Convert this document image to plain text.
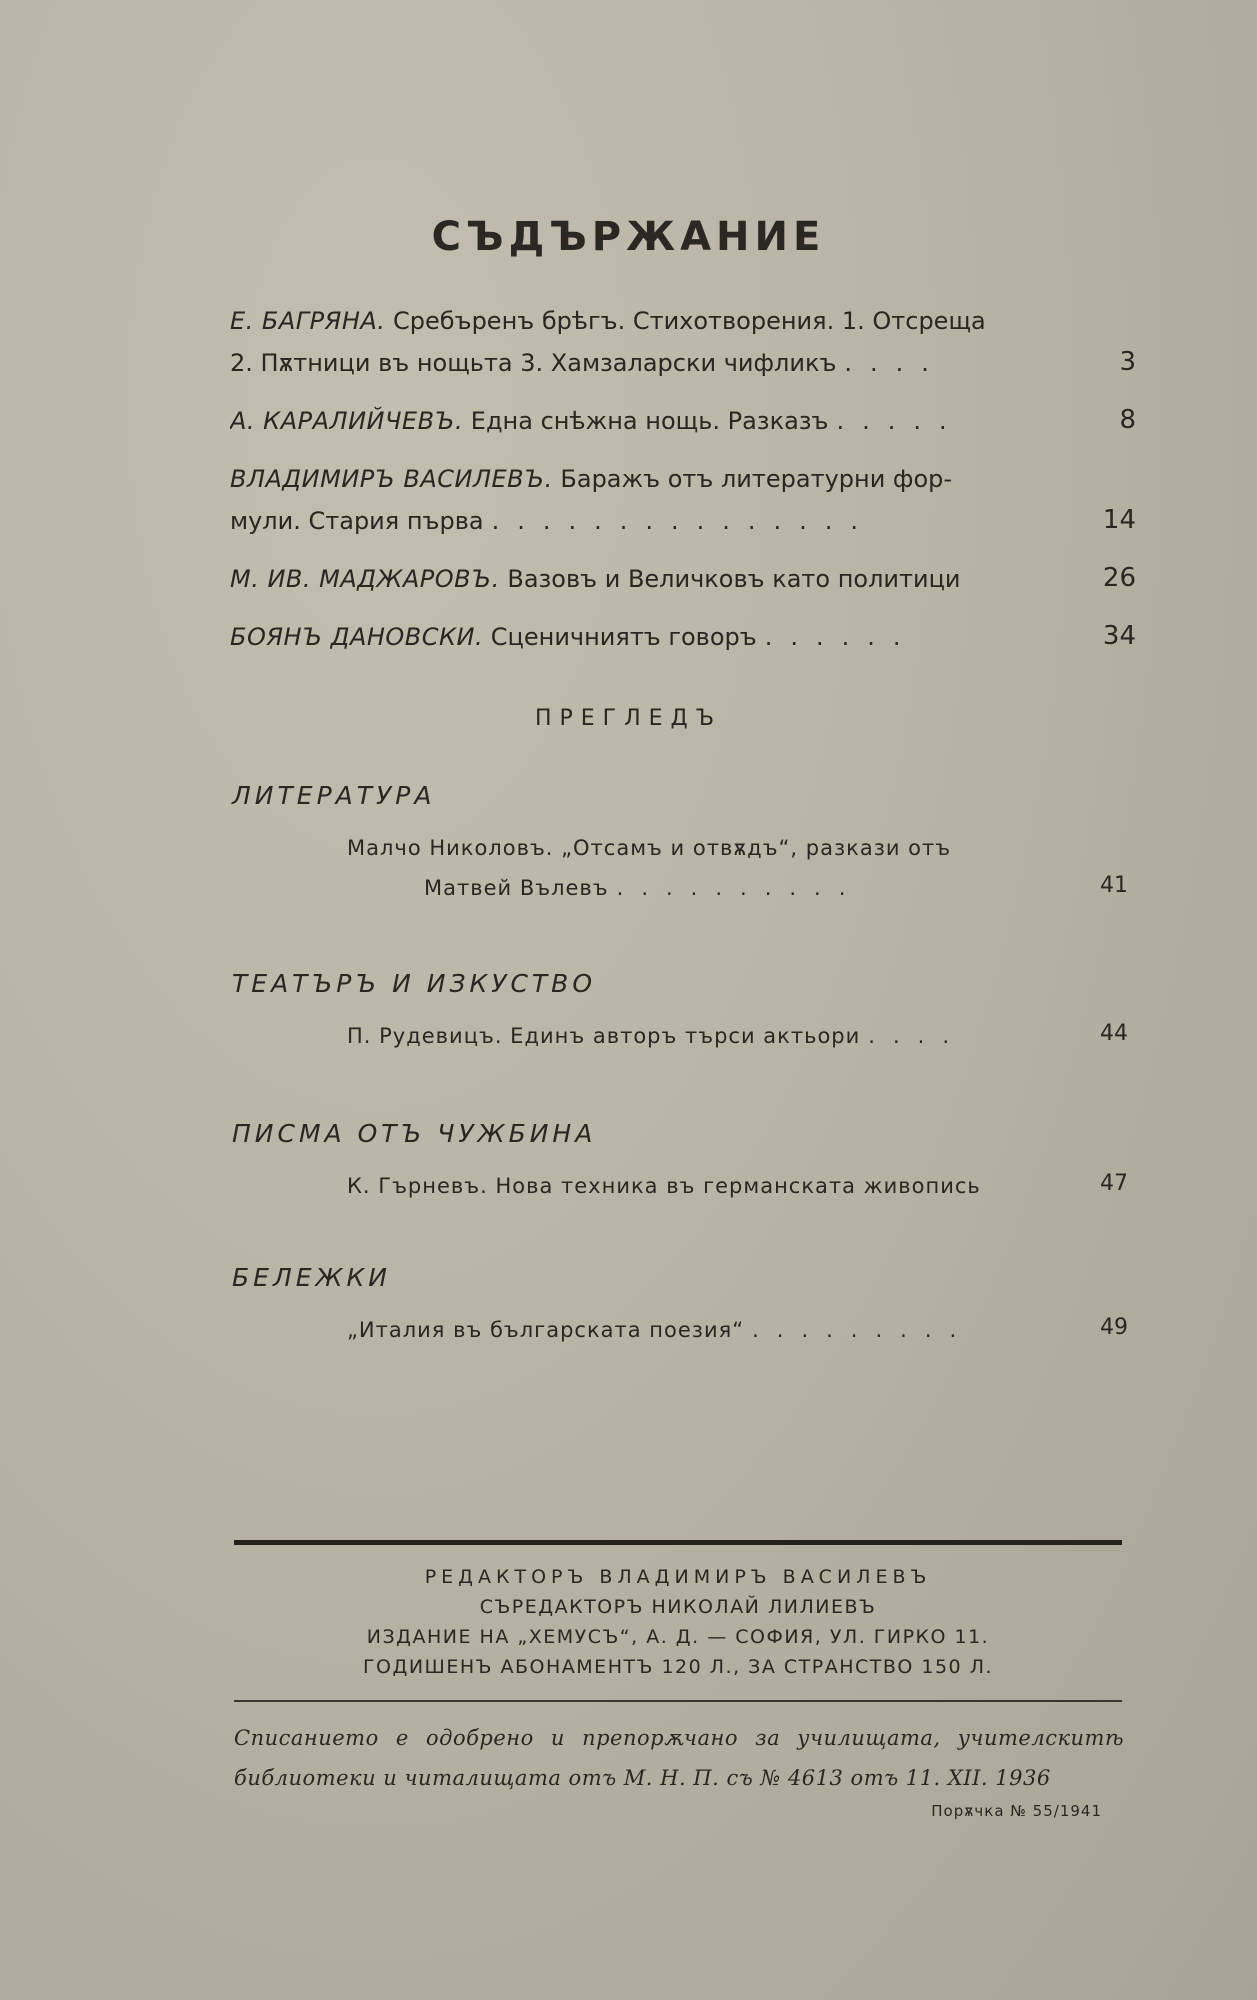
СЪДЪРЖАНИЕ
Е. БАГРЯНА. Сребъренъ брѣгъ. Стихотворения. 1. Отсреща
2. Пѫтници въ нощьта 3. Хамзаларски чифликъ ....	3
А. КАРАЛИЙЧЕВЪ. Една снѣжна нощь. Разказъ .....	8
ВЛАДИМИРЪ ВАСИЛЕВЪ. Баражъ отъ литературни фор-
мули. Стария първа ...............	14
М. ИВ. МАДЖАРОВЪ. Вазовъ и Величковъ като политици	26
БОЯНЪ ДАНОВСКИ. Сценичниятъ говоръ ......	34
ПРЕГЛЕДЪ
ЛИТЕРАТУРА
Малчо Николовъ. „Отсамъ и отвѫдъ“, разкази отъ
Матвей Вълевъ ..........	41
ТЕАТЪРЪ И ИЗКУСТВО
П. Рудевицъ. Единъ авторъ търси актьори ....	44
ПИСМА ОТЪ ЧУЖБИНА
К. Гърневъ. Нова техника въ германската живопись	47
БЕЛЕЖКИ
„Италия въ българската поезия“ .........	49
РЕДАКТОРЪ ВЛАДИМИРЪ ВАСИЛЕВЪ
СЪРЕДАКТОРЪ НИКОЛАЙ ЛИЛИЕВЪ
ИЗДАНИЕ НА „ХЕМУСЪ“, А. Д. — СОФИЯ, УЛ. ГИРКО 11.
ГОДИШЕНЪ АБОНАМЕНТЪ 120 Л., ЗА СТРАНСТВО 150 Л.
Списанието е одобрено и препорѫчано за училищата, учителскитѣ библиотеки и читалищата отъ М. Н. П. съ № 4613 отъ 11. XII. 1936
Порѫчка № 55/1941
